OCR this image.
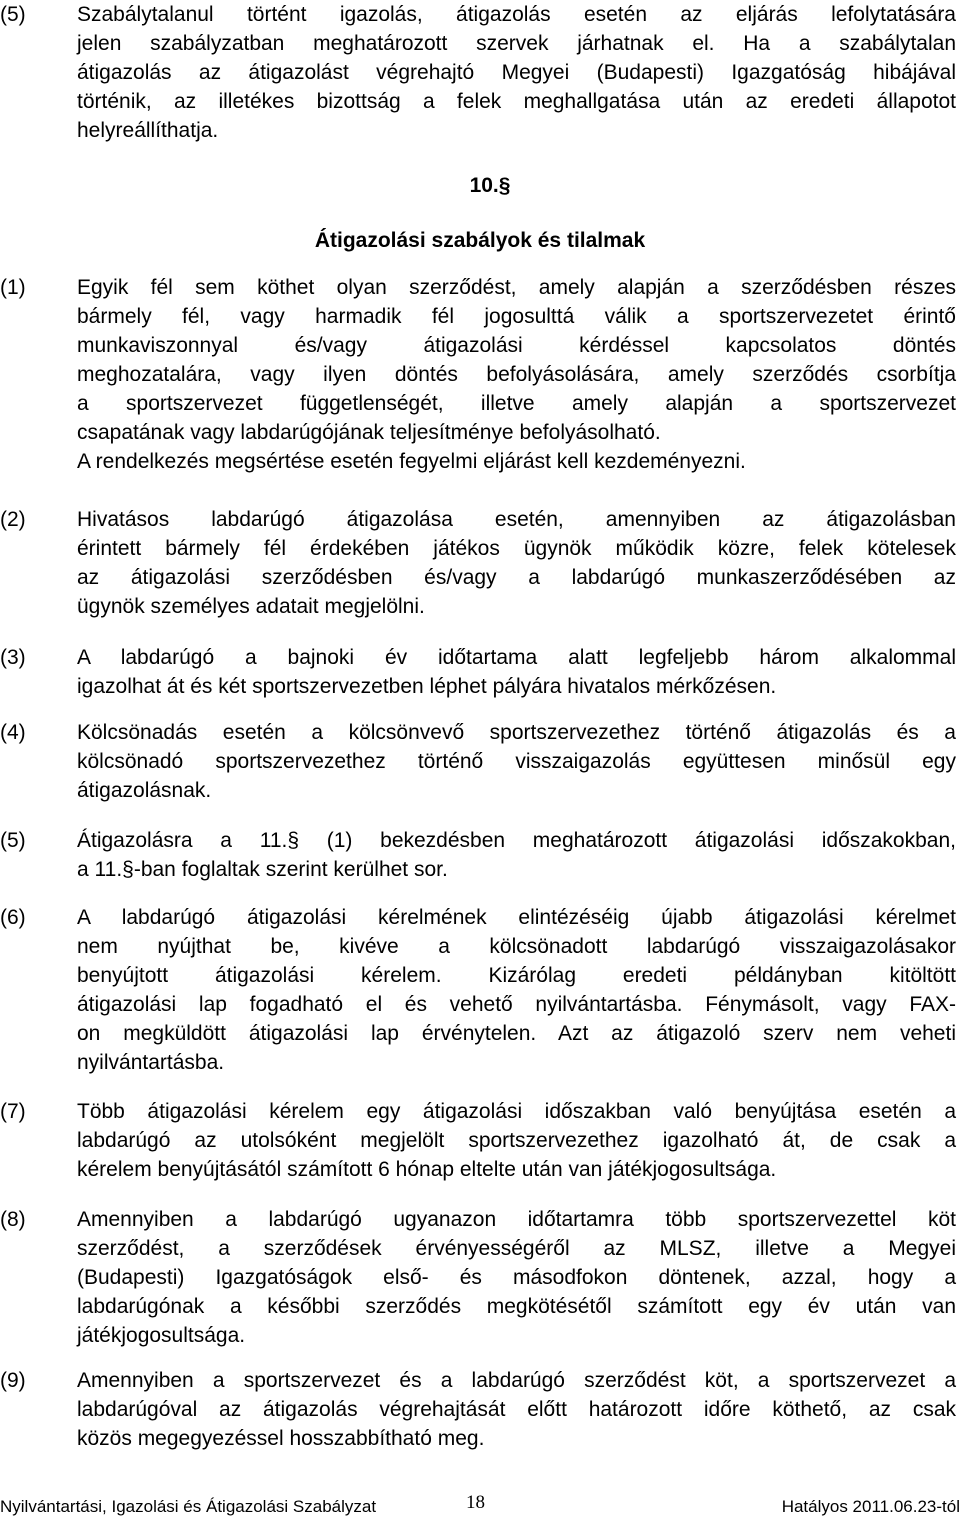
(5)	Szabálytalanul történt igazolás, átigazolás esetén az eljárás lefolytatására
jelen szabályzatban meghatározott szervek járhatnak el. Ha a szabálytalan
átigazolás az átigazolást végrehajtó Megyei (Budapesti) Igazgatóság hibájával
történik, az illetékes bizottság a felek meghallgatása után az eredeti állapotot
helyreállíthatja.
10.§
Átigazolási szabályok és tilalmak
(1)	Egyik fél sem köthet olyan szerződést, amely alapján a szerződésben részes
bármely fél, vagy harmadik fél jogosulttá válik a sportszervezetet érintő
munkaviszonnyal és/vagy átigazolási kérdéssel kapcsolatos döntés
meghozatalára, vagy ilyen döntés befolyásolására, amely szerződés csorbítja
a sportszervezet függetlenségét, illetve amely alapján a sportszervezet
csapatának vagy labdarúgójának teljesítménye befolyásolható.
A rendelkezés megsértése esetén fegyelmi eljárást kell kezdeményezni.
(2)	Hivatásos labdarúgó átigazolása esetén, amennyiben az átigazolásban
érintett bármely fél érdekében játékos ügynök működik közre, felek kötelesek
az átigazolási szerződésben és/vagy a labdarúgó munkaszerződésében az
ügynök személyes adatait megjelölni.
(3)	A labdarúgó a bajnoki év időtartama alatt legfeljebb három alkalommal
igazolhat át és két sportszervezetben léphet pályára hivatalos mérkőzésen.
(4)	Kölcsönadás esetén a kölcsönvevő sportszervezethez történő átigazolás és a
kölcsönadó sportszervezethez történő visszaigazolás együttesen minősül egy
átigazolásnak.
(5)	Átigazolásra a 11.§ (1) bekezdésben meghatározott átigazolási időszakokban,
a 11.§-ban foglaltak szerint kerülhet sor.
(6)	A labdarúgó átigazolási kérelmének elintézéséig újabb átigazolási kérelmet
nem nyújthat be, kivéve a kölcsönadott labdarúgó visszaigazolásakor
benyújtott átigazolási kérelem. Kizárólag eredeti példányban kitöltött
átigazolási lap fogadható el és vehető nyilvántartásba. Fénymásolt, vagy FAX-
on megküldött átigazolási lap érvénytelen. Azt az átigazoló szerv nem veheti
nyilvántartásba.
(7)	Több átigazolási kérelem egy átigazolási időszakban való benyújtása esetén a
labdarúgó az utolsóként megjelölt sportszervezethez igazolható át, de csak a
kérelem benyújtásától számított 6 hónap eltelte után van játékjogosultsága.
(8)	Amennyiben a labdarúgó ugyanazon időtartamra több sportszervezettel köt
szerződést, a szerződések érvényességéről az MLSZ, illetve a Megyei
(Budapesti) Igazgatóságok első- és másodfokon döntenek, azzal, hogy a
labdarúgónak a későbbi szerződés megkötésétől számított egy év után van
játékjogosultsága.
(9)	Amennyiben a sportszervezet és a labdarúgó szerződést köt, a sportszervezet a
labdarúgóval az átigazolás végrehajtását előtt határozott időre köthető, az csak
közös megegyezéssel hosszabbítható meg.
Nyilvántartási, Igazolási és Átigazolási Szabályzat	18	Hatályos 2011.06.23-tól
